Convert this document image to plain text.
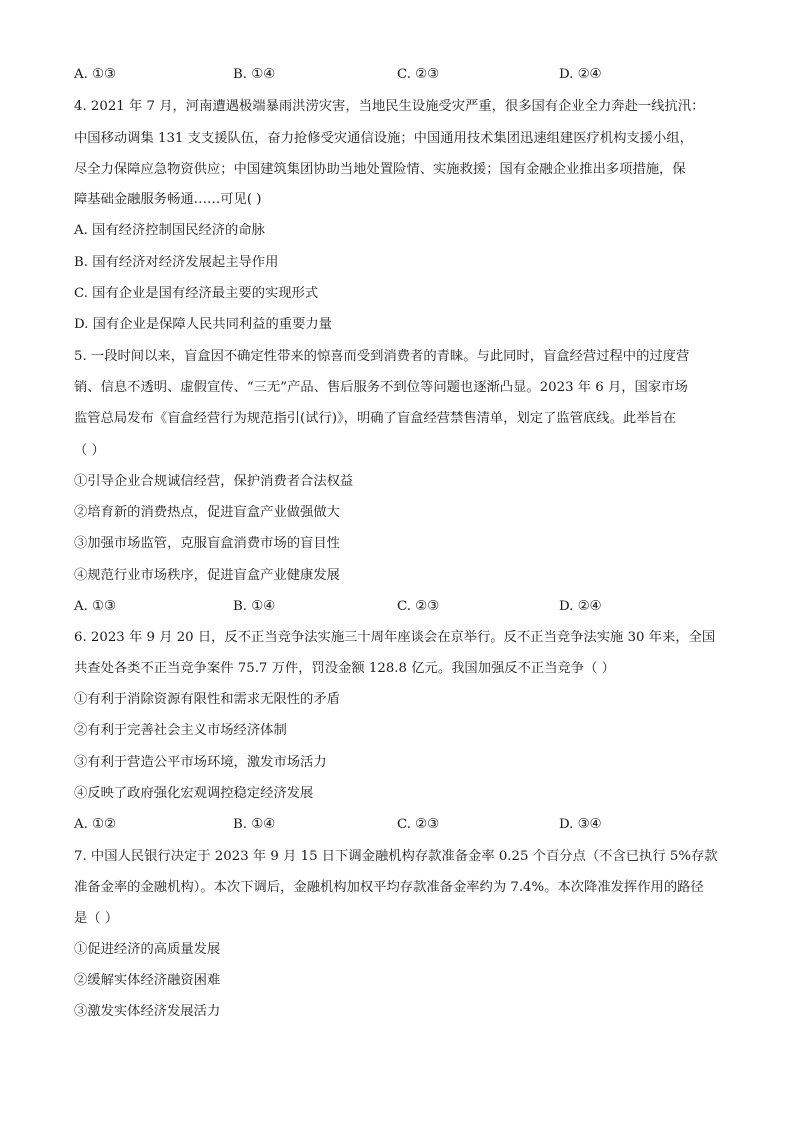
A. ①③	B. ①④	C. ②③	D. ②④
4. 2021 年 7 月，河南遭遇极端暴雨洪涝灾害，当地民生设施受灾严重，很多国有企业全力奔赴一线抗汛：
中国移动调集 131 支支援队伍，奋力抢修受灾通信设施；中国通用技术集团迅速组建医疗机构支援小组，
尽全力保障应急物资供应；中国建筑集团协助当地处置险情、实施救援；国有金融企业推出多项措施，保
障基础金融服务畅通……可见( )
A. 国有经济控制国民经济的命脉
B. 国有经济对经济发展起主导作用
C. 国有企业是国有经济最主要的实现形式
D. 国有企业是保障人民共同利益的重要力量
5. 一段时间以来，盲盒因不确定性带来的惊喜而受到消费者的青睐。与此同时，盲盒经营过程中的过度营
销、信息不透明、虚假宣传、“三无”产品、售后服务不到位等问题也逐渐凸显。2023 年 6 月，国家市场
监管总局发布《盲盒经营行为规范指引(试行)》，明确了盲盒经营禁售清单，划定了监管底线。此举旨在
（ ）
①引导企业合规诚信经营，保护消费者合法权益
②培育新的消费热点，促进盲盒产业做强做大
③加强市场监管，克服盲盒消费市场的盲目性
④规范行业市场秩序，促进盲盒产业健康发展
A. ①③	B. ①④	C. ②③	D. ②④
6. 2023 年 9 月 20 日，反不正当竞争法实施三十周年座谈会在京举行。反不正当竞争法实施 30 年来，全国
共查处各类不正当竞争案件 75.7 万件，罚没金额 128.8 亿元。我国加强反不正当竞争（ ）
①有利于消除资源有限性和需求无限性的矛盾
②有利于完善社会主义市场经济体制
③有利于营造公平市场环境，激发市场活力
④反映了政府强化宏观调控稳定经济发展
A. ①②	B. ①④	C. ②③	D. ③④
7. 中国人民银行决定于 2023 年 9 月 15 日下调金融机构存款准备金率 0.25 个百分点（不含已执行 5%存款
准备金率的金融机构）。本次下调后，金融机构加权平均存款准备金率约为 7.4%。本次降准发挥作用的路径
是（ ）
①促进经济的高质量发展
②缓解实体经济融资困难
③激发实体经济发展活力
